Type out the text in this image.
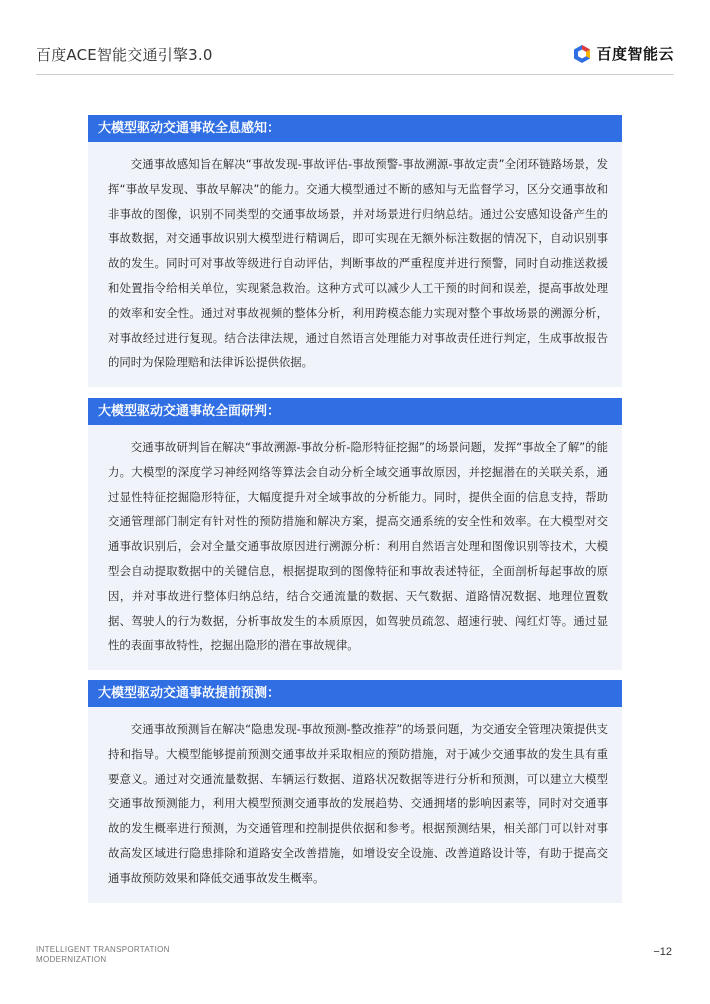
百度ACE智能交通引擎3.0	百度智能云
大模型驱动交通事故全息感知：
交通事故感知旨在解决“事故发现-事故评估-事故预警-事故溯源-事故定责”全闭环链路场景，发挥“事故早发现、事故早解决”的能力。交通大模型通过不断的感知与无监督学习，区分交通事故和非事故的图像，识别不同类型的交通事故场景，并对场景进行归纳总结。通过公安感知设备产生的事故数据，对交通事故识别大模型进行精调后，即可实现在无额外标注数据的情况下，自动识别事故的发生。同时可对事故等级进行自动评估，判断事故的严重程度并进行预警，同时自动推送救援和处置指令给相关单位，实现紧急救治。这种方式可以减少人工干预的时间和误差，提高事故处理的效率和安全性。通过对事故视频的整体分析，利用跨模态能力实现对整个事故场景的溯源分析，对事故经过进行复现。结合法律法规，通过自然语言处理能力对事故责任进行判定，生成事故报告的同时为保险理赔和法律诉讼提供依据。
大模型驱动交通事故全面研判：
交通事故研判旨在解决“事故溯源-事故分析-隐形特征挖掘”的场景问题，发挥“事故全了解”的能力。大模型的深度学习神经网络等算法会自动分析全域交通事故原因，并挖掘潜在的关联关系，通过显性特征挖掘隐形特征，大幅度提升对全域事故的分析能力。同时，提供全面的信息支持，帮助交通管理部门制定有针对性的预防措施和解决方案，提高交通系统的安全性和效率。在大模型对交通事故识别后，会对全量交通事故原因进行溯源分析：利用自然语言处理和图像识别等技术，大模型会自动提取数据中的关键信息，根据提取到的图像特征和事故表述特征，全面剖析每起事故的原因，并对事故进行整体归纳总结，结合交通流量的数据、天气数据、道路情况数据、地理位置数据、驾驶人的行为数据，分析事故发生的本质原因，如驾驶员疏忽、超速行驶、闯红灯等。通过显性的表面事故特性，挖掘出隐形的潜在事故规律。
大模型驱动交通事故提前预测：
交通事故预测旨在解决“隐患发现-事故预测-整改推荐”的场景问题，为交通安全管理决策提供支持和指导。大模型能够提前预测交通事故并采取相应的预防措施，对于减少交通事故的发生具有重要意义。通过对交通流量数据、车辆运行数据、道路状况数据等进行分析和预测，可以建立大模型交通事故预测能力，利用大模型预测交通事故的发展趋势、交通拥堵的影响因素等，同时对交通事故的发生概率进行预测，为交通管理和控制提供依据和参考。根据预测结果，相关部门可以针对事故高发区域进行隐患排除和道路安全改善措施，如增设安全设施、改善道路设计等，有助于提高交通事故预防效果和降低交通事故发生概率。
INTELLIGENT TRANSPORTATION
MODERNIZATION
−12
